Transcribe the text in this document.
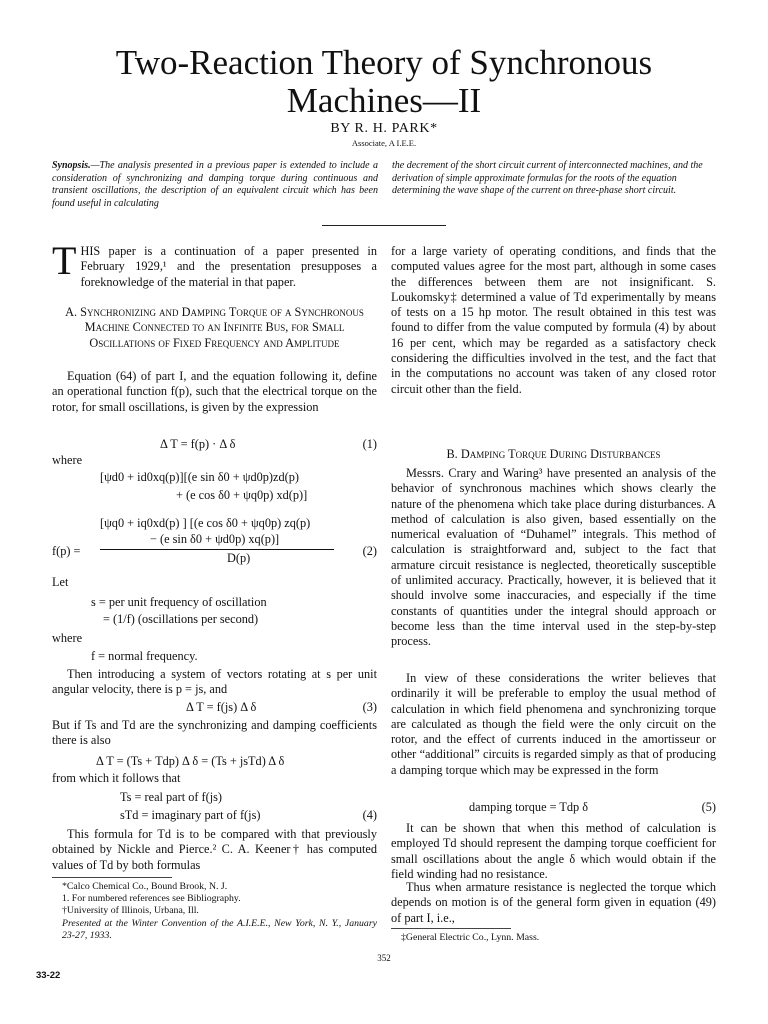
Two-Reaction Theory of Synchronous
Machines—II
BY R. H. PARK*
Associate, A I.E.E.
Synopsis.—The analysis presented in a previous paper is extended to include a consideration of synchronizing and damping torque during continuous and transient oscillations, the description of an equivalent circuit which has been found useful in calculating
the decrement of the short circuit current of interconnected machines, and the derivation of simple approximate formulas for the roots of the equation determining the wave shape of the current on three-phase short circuit.

THIS paper is a continuation of a paper presented in February 1929,¹ and the presentation presupposes a foreknowledge of the material in that paper.

A. Synchronizing and Damping Torque of a Synchronous Machine Connected to an Infinite Bus, for Small Oscillations of Fixed Frequency and Amplitude

Equation (64) of part I, and the equation following it, define an operational function f(p), such that the electrical torque on the rotor, for small oscillations, is given by the expression

Δ T = f(p) · Δ δ	(1)
where
[ψd0 + id0xq(p)][(e sin δ0 + ψd0p)zd(p)
+ (e cos δ0 + ψq0p) xd(p)]
[ψq0 + iq0xd(p) ] [(e cos δ0 + ψq0p) zq(p)
− (e sin δ0 + ψd0p) xq(p)]
f(p) =	D(p)	(2)
Let
s = per unit frequency of oscillation
= (1/f) (oscillations per second)
where
f = normal frequency.

Then introducing a system of vectors rotating at s per unit angular velocity, there is p = js, and

Δ T = f(js) Δ δ	(3)

But if Ts and Td are the synchronizing and damping coefficients there is also

Δ T = (Ts + Tdp) Δ δ = (Ts + jsTd) Δ δ
from which it follows that
Ts = real part of f(js)
sTd = imaginary part of f(js)	(4)

This formula for Td is to be compared with that previously obtained by Nickle and Pierce.² C. A. Keener† has computed values of Td by both formulas

*Calco Chemical Co., Bound Brook, N. J.
1. For numbered references see Bibliography.
†University of Illinois, Urbana, Ill.
Presented at the Winter Convention of the A.I.E.E., New York, N. Y., January 23-27, 1933.

for a large variety of operating conditions, and finds that the computed values agree for the most part, although in some cases the differences between them are not insignificant. S. Loukomsky‡ determined a value of Td experimentally by means of tests on a 15 hp motor. The result obtained in this test was found to differ from the value computed by formula (4) by about 16 per cent, which may be regarded as a satisfactory check considering the difficulties involved in the test, and the fact that in the computations no account was taken of any closed rotor circuit other than the field.

B. Damping Torque During Disturbances

Messrs. Crary and Waring³ have presented an analysis of the behavior of synchronous machines which shows clearly the nature of the phenomena which take place during disturbances. A method of calculation is also given, based essentially on the numerical evaluation of “Duhamel” integrals. This method of calculation is straightforward and, subject to the fact that armature circuit resistance is neglected, theoretically susceptible of unlimited accuracy. Practically, however, it is believed that it should involve some inaccuracies, and especially if the time constants of quantities under the integral should approach or become less than the time interval used in the step-by-step process.

In view of these considerations the writer believes that ordinarily it will be preferable to employ the usual method of calculation in which field phenomena and synchronizing torque are calculated as though the field were the only circuit on the rotor, and the effect of currents induced in the amortisseur or other “additional” circuits is regarded simply as that of producing a damping torque which may be expressed in the form

damping torque = Tdp δ	(5)

It can be shown that when this method of calculation is employed Td should represent the damping torque coefficient for small oscillations about the angle δ which would obtain if the field winding had no resistance.

Thus when armature resistance is neglected the torque which depends on motion is of the general form given in equation (49) of part I, i.e.,

‡General Electric Co., Lynn. Mass.
352
33-22
